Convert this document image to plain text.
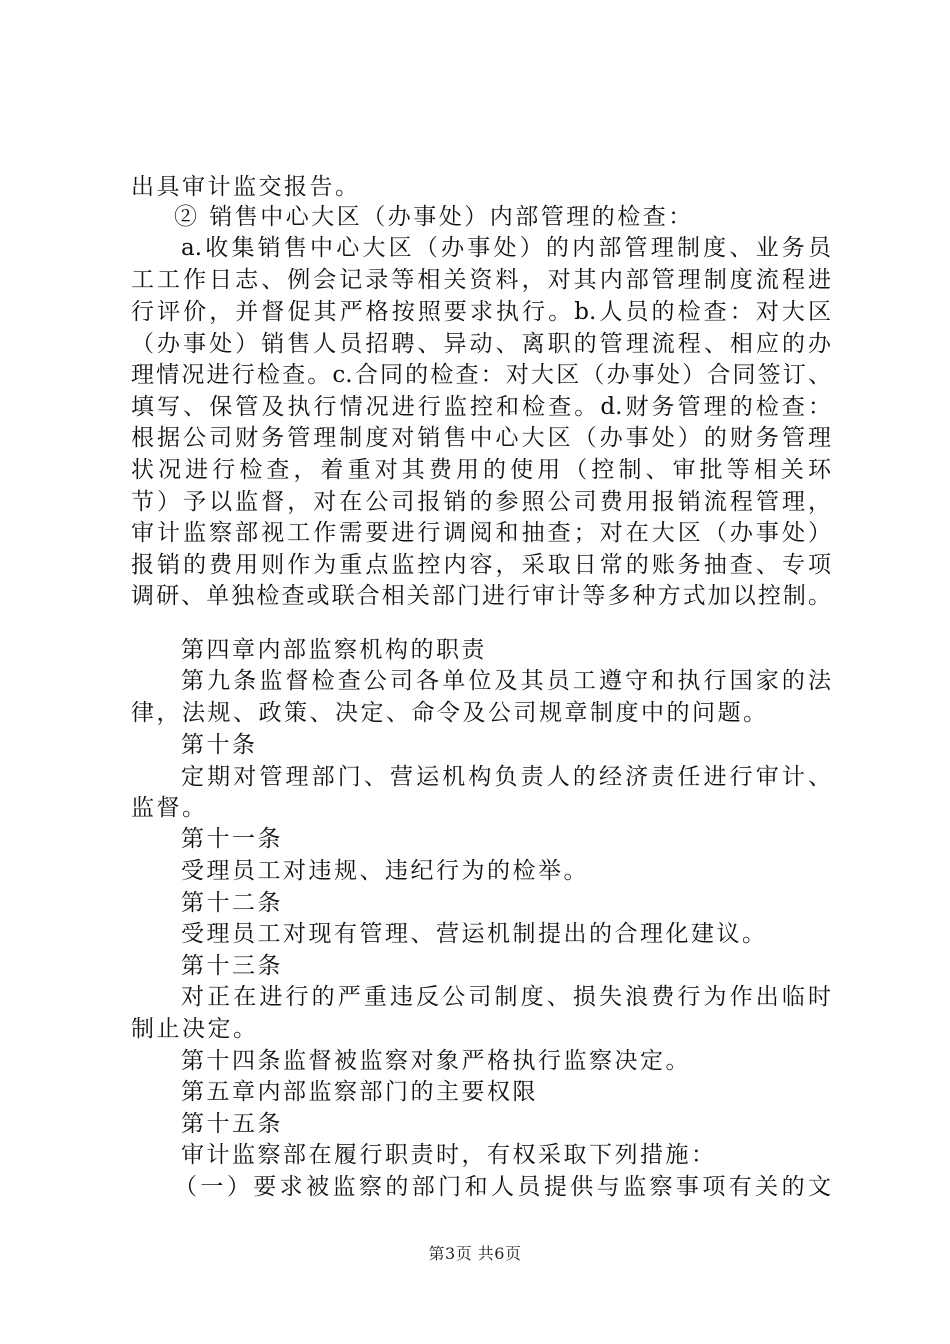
出具审计监交报告。
② 销售中心大区（办事处）内部管理的检查：
a.收集销售中心大区（办事处）的内部管理制度、业务员
工工作日志、例会记录等相关资料，对其内部管理制度流程进
行评价，并督促其严格按照要求执行。b.人员的检查：对大区
（办事处）销售人员招聘、异动、离职的管理流程、相应的办
理情况进行检查。c.合同的检查：对大区（办事处）合同签订、
填写、保管及执行情况进行监控和检查。d.财务管理的检查：
根据公司财务管理制度对销售中心大区（办事处）的财务管理
状况进行检查，着重对其费用的使用（控制、审批等相关环
节）予以监督，对在公司报销的参照公司费用报销流程管理，
审计监察部视工作需要进行调阅和抽查；对在大区（办事处）
报销的费用则作为重点监控内容，采取日常的账务抽查、专项
调研、单独检查或联合相关部门进行审计等多种方式加以控制。
第四章内部监察机构的职责
第九条监督检查公司各单位及其员工遵守和执行国家的法
律，法规、政策、决定、命令及公司规章制度中的问题。
第十条
定期对管理部门、营运机构负责人的经济责任进行审计、
监督。
第十一条
受理员工对违规、违纪行为的检举。
第十二条
受理员工对现有管理、营运机制提出的合理化建议。
第十三条
对正在进行的严重违反公司制度、损失浪费行为作出临时
制止决定。
第十四条监督被监察对象严格执行监察决定。
第五章内部监察部门的主要权限
第十五条
审计监察部在履行职责时，有权采取下列措施：
（一）要求被监察的部门和人员提供与监察事项有关的文
第3页 共6页
